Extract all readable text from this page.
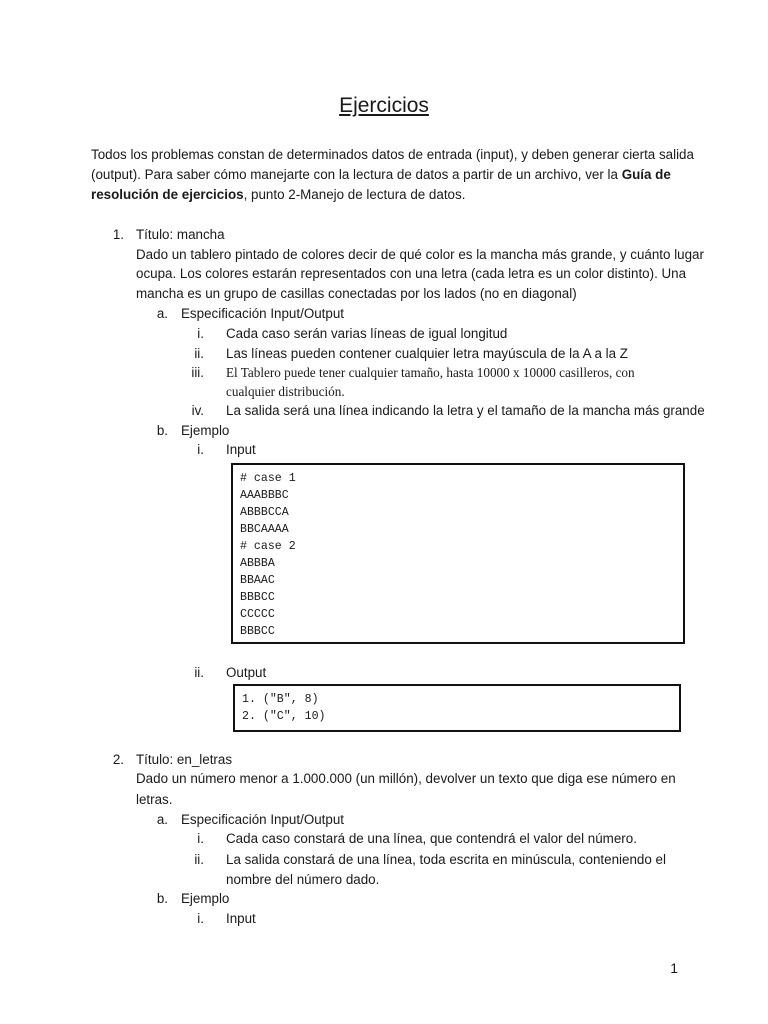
Ejercicios
Todos los problemas constan de determinados datos de entrada (input), y deben generar cierta salida
(output). Para saber cómo manejarte con la lectura de datos a partir de un archivo, ver la Guía de
resolución de ejercicios, punto 2-Manejo de lectura de datos.
1. Título: mancha
Dado un tablero pintado de colores decir de qué color es la mancha más grande, y cuánto lugar
ocupa. Los colores estarán representados con una letra (cada letra es un color distinto). Una
mancha es un grupo de casillas conectadas por los lados (no en diagonal)
a. Especificación Input/Output
i. Cada caso serán varias líneas de igual longitud
ii. Las líneas pueden contener cualquier letra mayúscula de la A a la Z
iii. El Tablero puede tener cualquier tamaño, hasta 10000 x 10000 casilleros, con
cualquier distribución.
iv. La salida será una línea indicando la letra y el tamaño de la mancha más grande
b. Ejemplo
i. Input
# case 1
AAABBBC
ABBBCCA
BBCAAAA
# case 2
ABBBA
BBAAC
BBBCC
CCCCC
BBBCC
ii. Output
1. ("B", 8)
2. ("C", 10)
2. Título: en_letras
Dado un número menor a 1.000.000 (un millón), devolver un texto que diga ese número en
letras.
a. Especificación Input/Output
i. Cada caso constará de una línea, que contendrá el valor del número.
ii. La salida constará de una línea, toda escrita en minúscula, conteniendo el
nombre del número dado.
b. Ejemplo
i. Input
1
